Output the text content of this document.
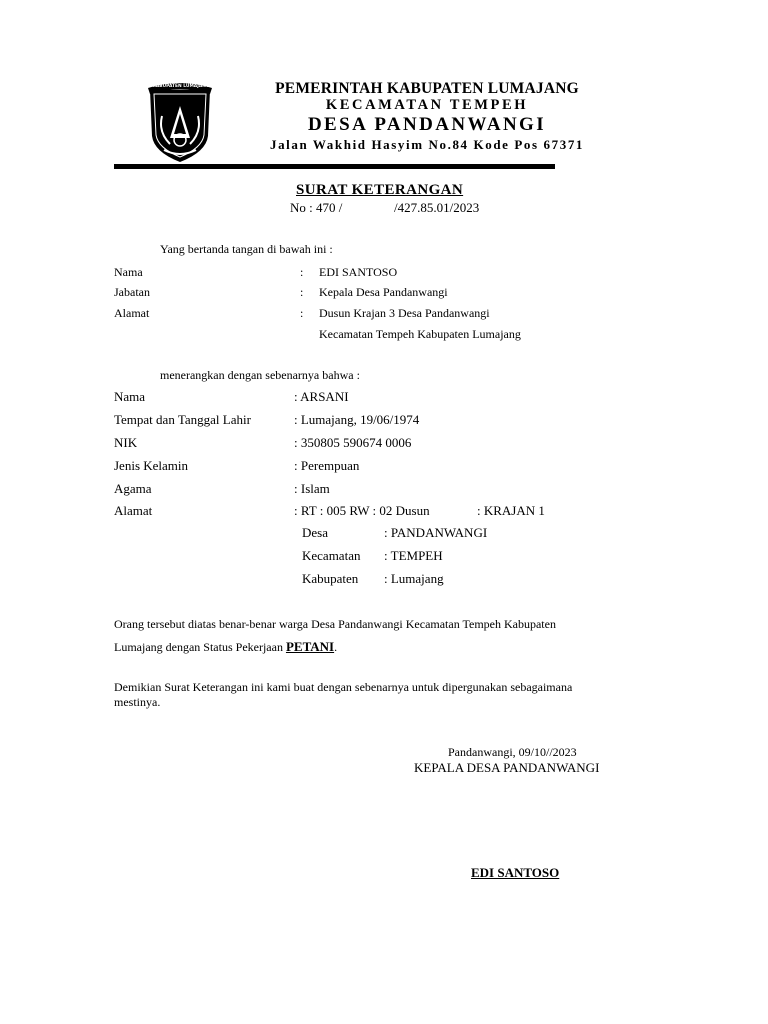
KABUPATEN LUMAJANG	PEMERINTAH KABUPATEN LUMAJANG
KECAMATAN TEMPEH
DESA PANDANWANGI
Jalan Wakhid Hasyim No.84 Kode Pos 67371
SURAT KETERANGAN
No : 470 /	/427.85.01/2023
Yang bertanda tangan di bawah ini :
Nama	: EDI SANTOSO
Jabatan	: Kepala Desa Pandanwangi
Alamat	: Dusun Krajan 3 Desa Pandanwangi
Kecamatan Tempeh Kabupaten Lumajang
menerangkan dengan sebenarnya bahwa :
Nama	: ARSANI
Tempat dan Tanggal Lahir	: Lumajang, 19/06/1974
NIK	: 350805 590674 0006
Jenis Kelamin	: Perempuan
Agama	: Islam
Alamat	: RT : 005 RW : 02 Dusun	: KRAJAN 1
Desa	: PANDANWANGI
Kecamatan : TEMPEH
Kabupaten : Lumajang
Orang tersebut diatas benar-benar warga Desa Pandanwangi Kecamatan Tempeh Kabupaten
Lumajang dengan Status Pekerjaan PETANI.
Demikian Surat Keterangan ini kami buat dengan sebenarnya untuk dipergunakan sebagaimana
mestinya.
Pandanwangi, 09/10//2023
KEPALA DESA PANDANWANGI
EDI SANTOSO
